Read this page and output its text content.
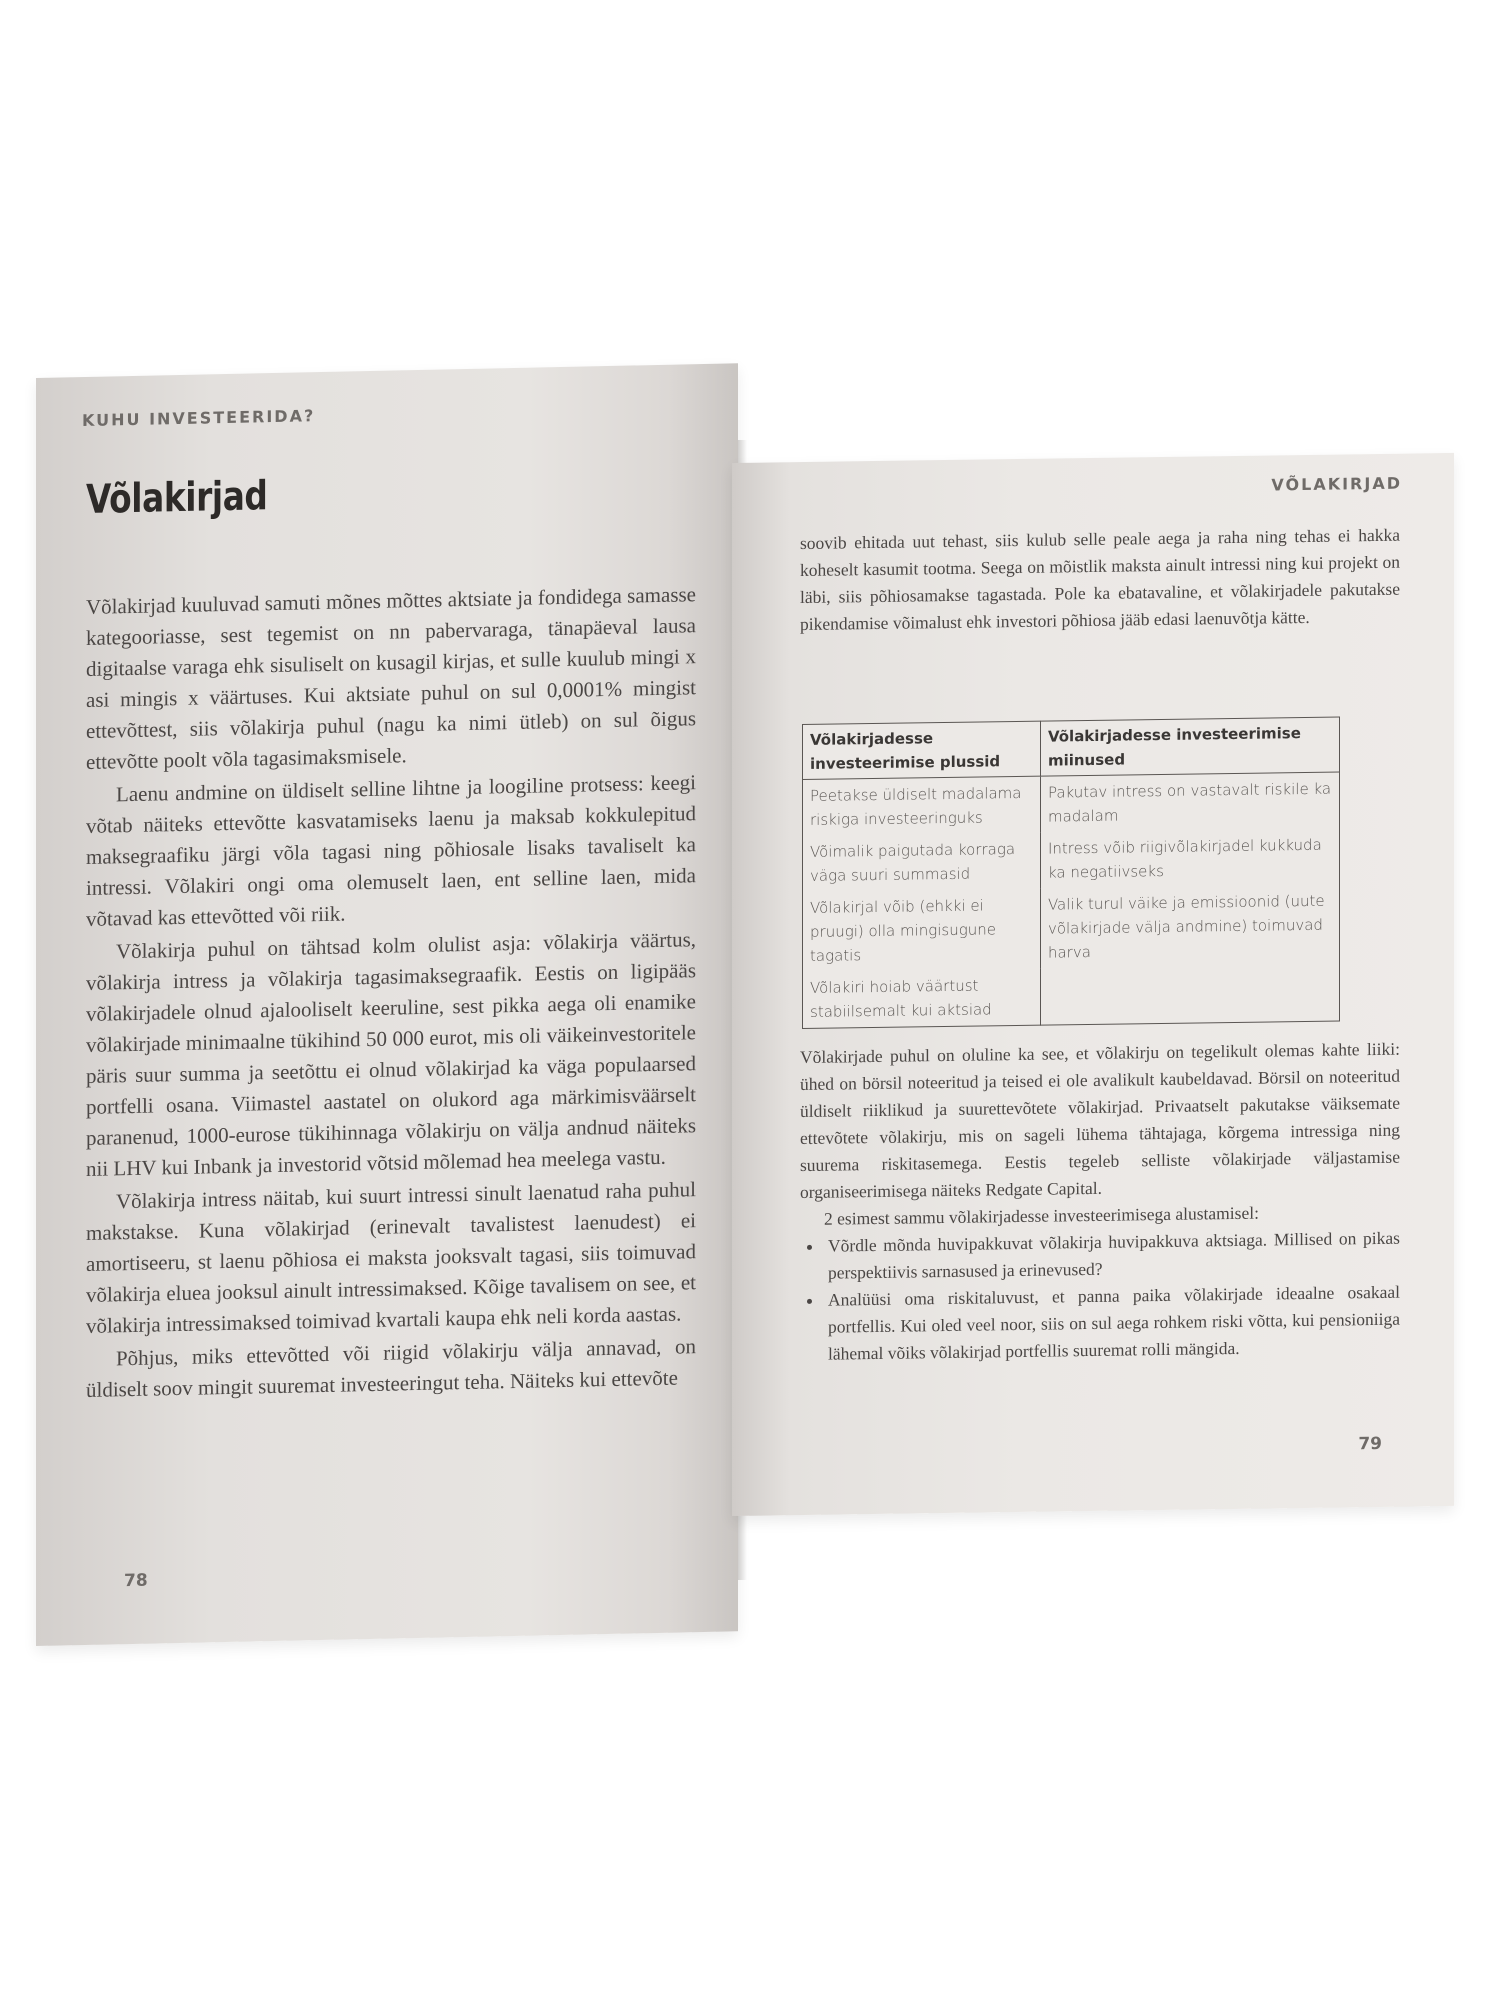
KUHU INVESTEERIDA?
Võlakirjad

Võlakirjad kuuluvad samuti mõnes mõttes aktsiate ja fondidega samasse kategooriasse, sest tegemist on nn pabervaraga, tänapäeval lausa digitaalse varaga ehk sisuliselt on kusagil kirjas, et sulle kuulub mingi x asi mingis x väärtuses. Kui aktsiate puhul on sul 0,0001% mingist ettevõttest, siis võlakirja puhul (nagu ka nimi ütleb) on sul õigus ettevõtte poolt võla tagasimaksmisele.

Laenu andmine on üldiselt selline lihtne ja loogiline protsess: keegi võtab näiteks ettevõtte kasvatamiseks laenu ja maksab kokkulepitud maksegraafiku järgi võla tagasi ning põhiosale lisaks tavaliselt ka intressi. Võlakiri ongi oma olemuselt laen, ent selline laen, mida võtavad kas ettevõtted või riik.

Võlakirja puhul on tähtsad kolm olulist asja: võlakirja väärtus, võlakirja intress ja võlakirja tagasimaksegraafik. Eestis on ligipääs võlakirjadele olnud ajalooliselt keeruline, sest pikka aega oli enamike võlakirjade minimaalne tükihind 50 000 eurot, mis oli väikeinvestoritele päris suur summa ja seetõttu ei olnud võlakirjad ka väga populaarsed portfelli osana. Viimastel aastatel on olukord aga märkimisväärselt paranenud, 1000-eurose tükihinnaga võlakirju on välja andnud näiteks nii LHV kui Inbank ja investorid võtsid mõlemad hea meelega vastu.

Võlakirja intress näitab, kui suurt intressi sinult laenatud raha puhul makstakse. Kuna võlakirjad (erinevalt tavalistest laenudest) ei amortiseeru, st laenu põhiosa ei maksta jooksvalt tagasi, siis toimuvad võlakirja eluea jooksul ainult intressimaksed. Kõige tavalisem on see, et võlakirja intressimaksed toimivad kvartali kaupa ehk neli korda aastas.

Põhjus, miks ettevõtted või riigid võlakirju välja annavad, on üldiselt soov mingit suuremat investeeringut teha. Näiteks kui ettevõte

78
VÕLAKIRJAD

soovib ehitada uut tehast, siis kulub selle peale aega ja raha ning tehas ei hakka koheselt kasumit tootma. Seega on mõistlik maksta ainult intressi ning kui projekt on läbi, siis põhiosamakse tagastada. Pole ka ebatavaline, et võlakirjadele pakutakse pikendamise võimalust ehk investori põhiosa jääb edasi laenuvõtja kätte.

Võlakirjadesse investeerimise plussid	Võlakirjadesse investeerimise miinused
Peetakse üldiselt madalama riskiga investeeringuks	Pakutav intress on vastavalt riskile ka madalam
Võimalik paigutada korraga väga suuri summasid	Intress võib riigivõlakirjadel kukkuda ka negatiivseks
Võlakirjal võib (ehkki ei pruugi) olla mingisugune tagatis	Valik turul väike ja emissioonid (uute võlakirjade välja andmine) toimuvad harva
Võlakiri hoiab väärtust stabiilsemalt kui aktsiad	

Võlakirjade puhul on oluline ka see, et võlakirju on tegelikult olemas kahte liiki: ühed on börsil noteeritud ja teised ei ole avalikult kaubeldavad. Börsil on noteeritud üldiselt riiklikud ja suurettevõtete võlakirjad. Privaatselt pakutakse väiksemate ettevõtete võlakirju, mis on sageli lühema tähtajaga, kõrgema intressiga ning suurema riskitasemega. Eestis tegeleb selliste võlakirjade väljastamise organiseerimisega näiteks Redgate Capital.

2 esimest sammu võlakirjadesse investeerimisega alustamisel:

• Võrdle mõnda huvipakkuvat võlakirja huvipakkuva aktsiaga. Millised on pikas perspektiivis sarnasused ja erinevused?
• Analüüsi oma riskitaluvust, et panna paika võlakirjade ideaalne osakaal portfellis. Kui oled veel noor, siis on sul aega rohkem riski võtta, kui pensioniiga lähemal võiks võlakirjad portfellis suuremat rolli mängida.
79
